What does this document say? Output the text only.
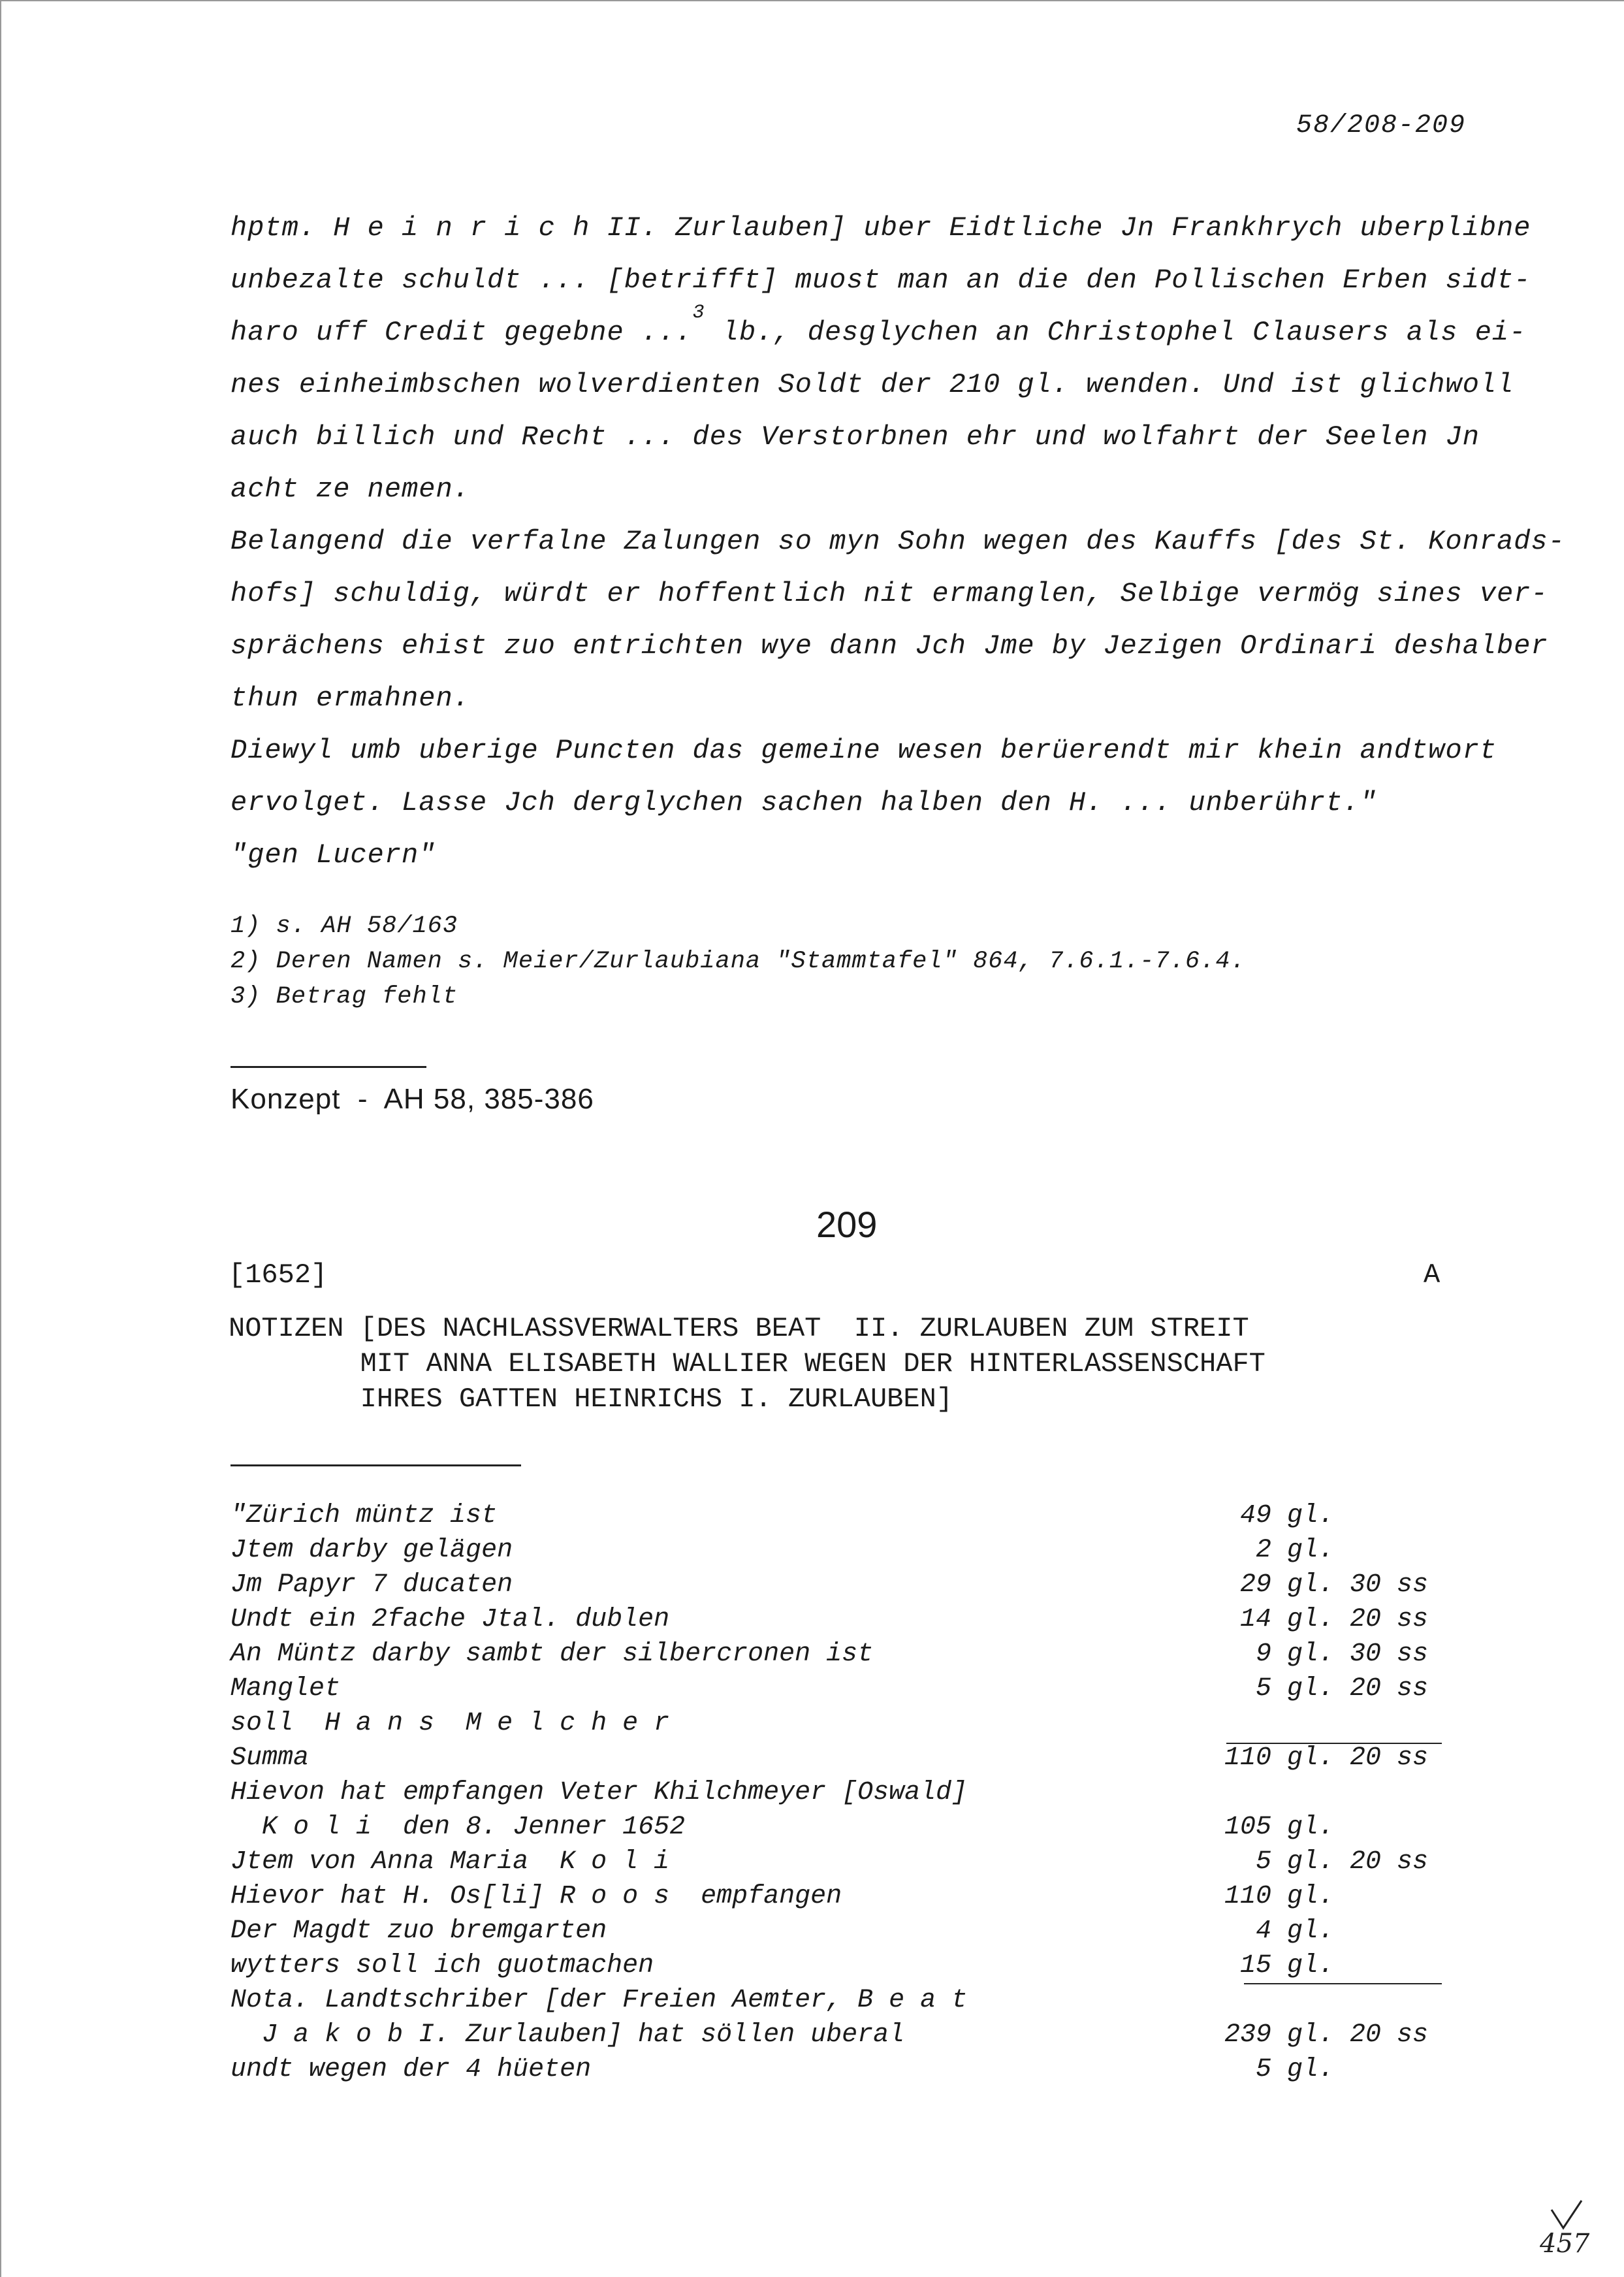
58/208-209
hptm. H e i n r i c h II. Zurlauben] uber Eidtliche Jn Frankhrych uberplibne
unbezalte schuldt ... [betrifft] muost man an die den Pollischen Erben sidt-
haro uff Credit gegebne ...$^3$ lb., desglychen an Christophel Clausers als ei-
nes einheimbschen wolverdienten Soldt der 210 gl. wenden. Und ist glichwoll
auch billich und Recht ... des Verstorbnen ehr und wolfahrt der Seelen Jn
acht ze nemen.
Belangend die verfalne Zalungen so myn Sohn wegen des Kauffs [des St. Konrads-
hofs] schuldig, würdt er hoffentlich nit ermanglen, Selbige vermög sines ver-
sprächens ehist zuo entrichten wye dann Jch Jme by Jezigen Ordinari deshalber
thun ermahnen.
Diewyl umb uberige Puncten das gemeine wesen berüerendt mir khein andtwort
ervolget. Lasse Jch derglychen sachen halben den H. ... unberührt."
"gen Lucern"
1) s. AH 58/163
2) Deren Namen s. Meier/Zurlaubiana "Stammtafel" 864, 7.6.1.-7.6.4.
3) Betrag fehlt
Konzept  -  AH 58, 385-386
209
[1652]	A
NOTIZEN [DES NACHLASSVERWALTERS BEAT  II. ZURLAUBEN ZUM STREIT
MIT ANNA ELISABETH WALLIER WEGEN DER HINTERLASSENSCHAFT
IHRES GATTEN HEINRICHS I. ZURLAUBEN]
"Zürich müntz ist	49 gl.
Jtem darby gelägen	2 gl.
Jm Papyr 7 ducaten	29 gl. 30 ss
Undt ein 2fache Jtal. dublen	14 gl. 20 ss
An Müntz darby sambt der silbercronen ist	9 gl. 30 ss
Manglet	5 gl. 20 ss
soll  H a n s  M e l c h e r
Summa	110 gl. 20 ss
Hievon hat empfangen Veter Khilchmeyer [Oswald]
K o l i  den 8. Jenner 1652	105 gl.
Jtem von Anna Maria  K o l i	5 gl. 20 ss
Hievor hat H. Os[li] R o o s  empfangen	110 gl.
Der Magdt zuo bremgarten	4 gl.
wytters soll ich guotmachen	15 gl.
Nota. Landtschriber [der Freien Aemter, B e a t
J a k o b I. Zurlauben] hat söllen uberal	239 gl. 20 ss
undt wegen der 4 hüeten	5 gl.
457
